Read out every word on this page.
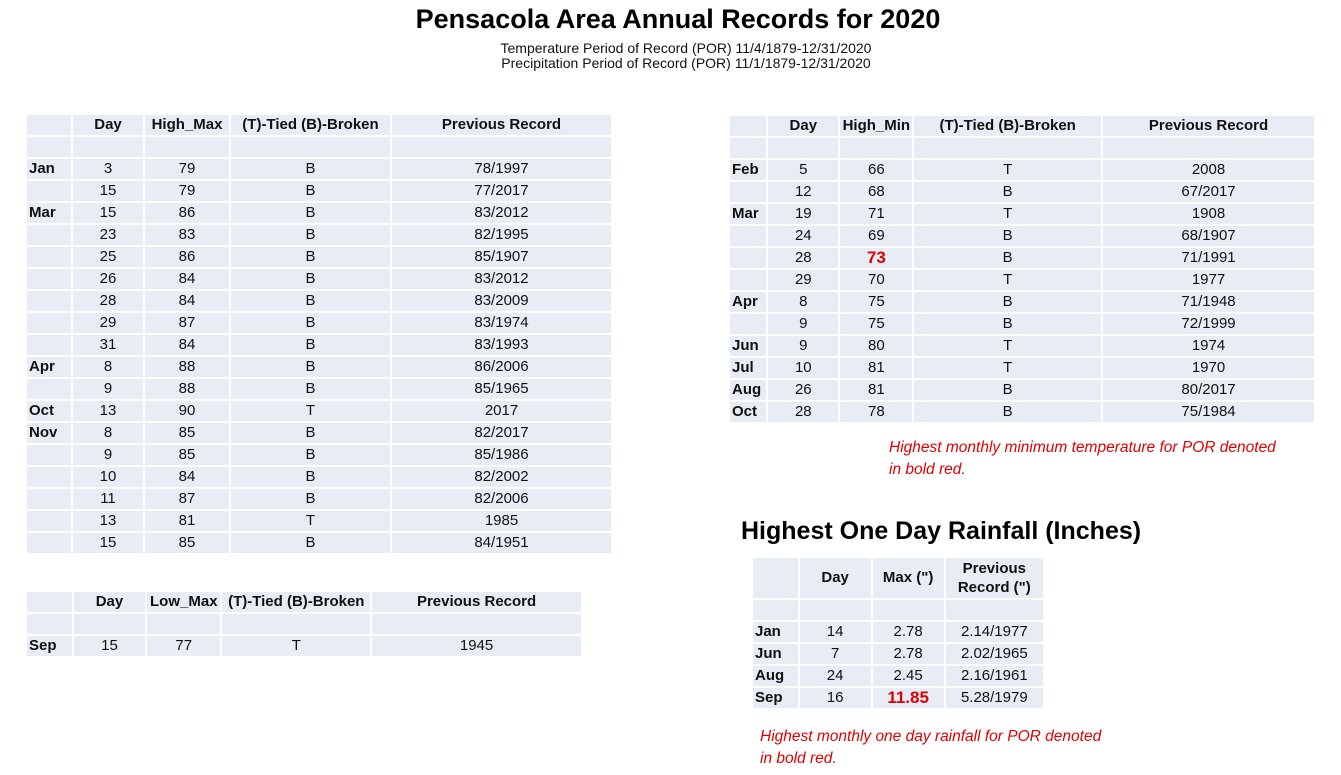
Pensacola Area Annual Records for 2020
Temperature Period of Record (POR) 11/4/1879-12/31/2020
Precipitation Period of Record (POR) 11/1/1879-12/31/2020
	Day	High_Max	(T)-Tied (B)-Broken	Previous Record

Jan	3	79	B	78/1997
	15	79	B	77/2017
Mar	15	86	B	83/2012
	23	83	B	82/1995
	25	86	B	85/1907
	26	84	B	83/2012
	28	84	B	83/2009
	29	87	B	83/1974
	31	84	B	83/1993
Apr	8	88	B	86/2006
	9	88	B	85/1965
Oct	13	90	T	2017
Nov	8	85	B	82/2017
	9	85	B	85/1986
	10	84	B	82/2002
	11	87	B	82/2006
	13	81	T	1985
	15	85	B	84/1951
	Day	Low_Max	(T)-Tied (B)-Broken	Previous Record

Sep	15	77	T	1945
	Day	High_Min	(T)-Tied (B)-Broken	Previous Record

Feb	5	66	T	2008
	12	68	B	67/2017
Mar	19	71	T	1908
	24	69	B	68/1907
	28	73	B	71/1991
	29	70	T	1977
Apr	8	75	B	71/1948
	9	75	B	72/1999
Jun	9	80	T	1974
Jul	10	81	T	1970
Aug	26	81	B	80/2017
Oct	28	78	B	75/1984
Highest monthly minimum temperature for POR denoted
in bold red.
Highest One Day Rainfall (Inches)
	Day	Max (")	Previous
Record (")

Jan	14	2.78	2.14/1977
Jun	7	2.78	2.02/1965
Aug	24	2.45	2.16/1961
Sep	16	11.85	5.28/1979
Highest monthly one day rainfall for POR denoted
in bold red.
